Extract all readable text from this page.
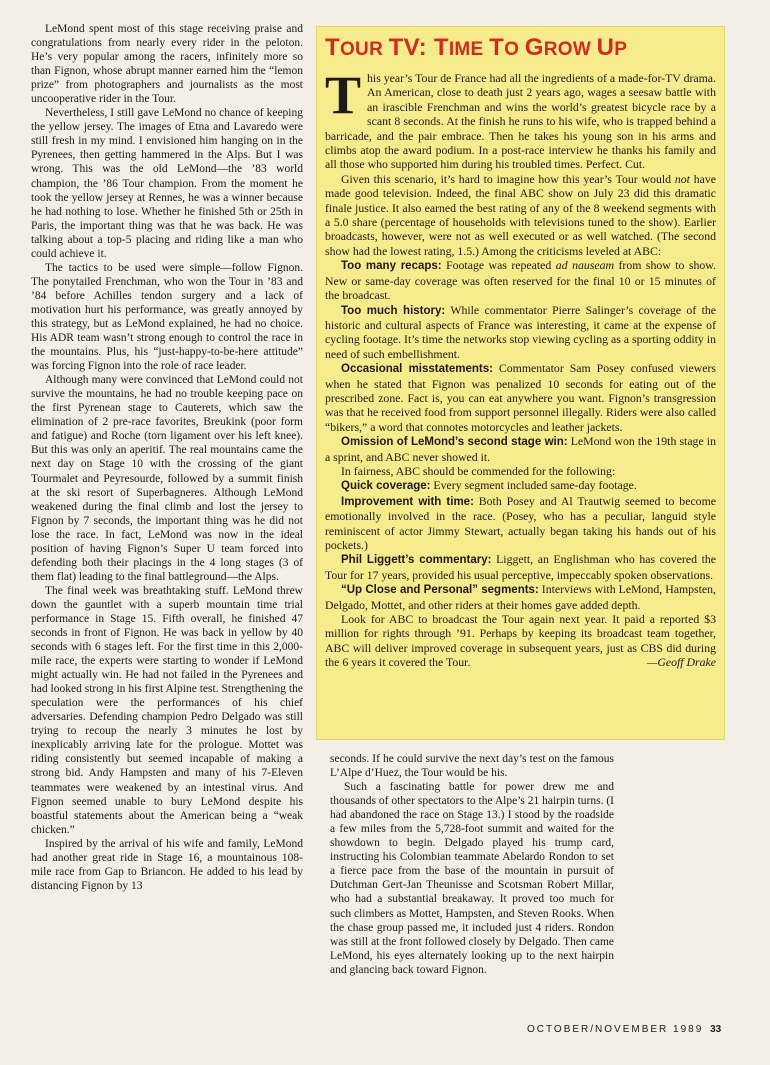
LeMond spent most of this stage receiving praise and congratulations from nearly every rider in the peloton. He’s very popular among the racers, infinitely more so than Fignon, whose abrupt manner earned him the “lemon prize” from photographers and journalists as the most uncooperative rider in the Tour.

Nevertheless, I still gave LeMond no chance of keeping the yellow jersey. The images of Etna and Lavaredo were still fresh in my mind. I envisioned him hanging on in the Pyrenees, then getting hammered in the Alps. But I was wrong. This was the old LeMond—the ’83 world champion, the ’86 Tour champion. From the moment he took the yellow jersey at Rennes, he was a winner because he had nothing to lose. Whether he finished 5th or 25th in Paris, the important thing was that he was back. He was talking about a top-5 placing and riding like a man who could achieve it.

The tactics to be used were simple—follow Fignon. The ponytailed Frenchman, who won the Tour in ’83 and ’84 before Achilles tendon surgery and a lack of motivation hurt his performance, was greatly annoyed by this strategy, but as LeMond explained, he had no choice. His ADR team wasn’t strong enough to control the race in the mountains. Plus, his “just-happy-to-be-here attitude” was forcing Fignon into the role of race leader.

Although many were convinced that LeMond could not survive the mountains, he had no trouble keeping pace on the first Pyrenean stage to Cauterets, which saw the elimination of 2 pre-race favorites, Breukink (poor form and fatigue) and Roche (torn ligament over his left knee). But this was only an aperitif. The real mountains came the next day on Stage 10 with the crossing of the giant Tourmalet and Peyresourde, followed by a summit finish at the ski resort of Superbagneres. Although LeMond weakened during the final climb and lost the jersey to Fignon by 7 seconds, the important thing was he did not lose the race. In fact, LeMond was now in the ideal position of having Fignon’s Super U team forced into defending both their placings in the 4 long stages (3 of them flat) leading to the final battleground—the Alps.

The final week was breathtaking stuff. LeMond threw down the gauntlet with a superb mountain time trial performance in Stage 15. Fifth overall, he finished 47 seconds in front of Fignon. He was back in yellow by 40 seconds with 6 stages left. For the first time in this 2,000-mile race, the experts were starting to wonder if LeMond might actually win. He had not failed in the Pyrenees and had looked strong in his first Alpine test. Strengthening the speculation were the performances of his chief adversaries. Defending champion Pedro Delgado was still trying to recoup the nearly 3 minutes he lost by inexplicably arriving late for the prologue. Mottet was riding consistently but seemed incapable of making a strong bid. Andy Hampsten and many of his 7-Eleven teammates were weakened by an intestinal virus. And Fignon seemed unable to bury LeMond despite his boastful statements about the American being a “weak chicken.”

Inspired by the arrival of his wife and family, LeMond had another great ride in Stage 16, a mountainous 108-mile race from Gap to Briancon. He added to his lead by distancing Fignon by 13

TOUR TV: TIME TO GROW UP

This year’s Tour de France had all the ingredients of a made-for-TV drama. An American, close to death just 2 years ago, wages a seesaw battle with an irascible Frenchman and wins the world’s greatest bicycle race by a scant 8 seconds. At the finish he runs to his wife, who is trapped behind a barricade, and the pair embrace. Then he takes his young son in his arms and climbs atop the award podium. In a post-race interview he thanks his family and all those who supported him during his troubled times. Perfect. Cut.

Given this scenario, it’s hard to imagine how this year’s Tour would not have made good television. Indeed, the final ABC show on July 23 did this dramatic finale justice. It also earned the best rating of any of the 8 weekend segments with a 5.0 share (percentage of households with televisions tuned to the show). Earlier broadcasts, however, were not as well executed or as well watched. (The second show had the lowest rating, 1.5.) Among the criticisms leveled at ABC:

Too many recaps: Footage was repeated ad nauseam from show to show. New or same-day coverage was often reserved for the final 10 or 15 minutes of the broadcast.

Too much history: While commentator Pierre Salinger’s coverage of the historic and cultural aspects of France was interesting, it came at the expense of cycling footage. It’s time the networks stop viewing cycling as a sporting oddity in need of such embellishment.

Occasional misstatements: Commentator Sam Posey confused viewers when he stated that Fignon was penalized 10 seconds for eating out of the prescribed zone. Fact is, you can eat anywhere you want. Fignon’s transgression was that he received food from support personnel illegally. Riders were also called “bikers,” a word that connotes motorcycles and leather jackets.

Omission of LeMond’s second stage win: LeMond won the 19th stage in a sprint, and ABC never showed it.

In fairness, ABC should be commended for the following:

Quick coverage: Every segment included same-day footage.

Improvement with time: Both Posey and Al Trautwig seemed to become emotionally involved in the race. (Posey, who has a peculiar, languid style reminiscent of actor Jimmy Stewart, actually began taking his hands out of his pockets.)

Phil Liggett’s commentary: Liggett, an Englishman who has covered the Tour for 17 years, provided his usual perceptive, impeccably spoken observations.

“Up Close and Personal” segments: Interviews with LeMond, Hampsten, Delgado, Mottet, and other riders at their homes gave added depth.

Look for ABC to broadcast the Tour again next year. It paid a reported $3 million for rights through ’91. Perhaps by keeping its broadcast team together, ABC will deliver improved coverage in subsequent years, just as CBS did during the 6 years it covered the Tour.	—Geoff Drake

seconds. If he could survive the next day’s test on the famous L’Alpe d’Huez, the Tour would be his.

Such a fascinating battle for power drew me and thousands of other spectators to the Alpe’s 21 hairpin turns. (I had abandoned the race on Stage 13.) I stood by the roadside a few miles from the 5,728-foot summit and waited for the showdown to begin. Delgado played his trump card, instructing his Colombian teammate Abelardo Rondon to set a fierce pace from the base of the mountain in pursuit of Dutchman Gert-Jan Theunisse and Scotsman Robert Millar, who had a substantial breakaway. It proved too much for such climbers as Mottet, Hampsten, and Steven Rooks. When the chase group passed me, it included just 4 riders. Rondon was still at the front followed closely by Delgado. Then came LeMond, his eyes alternately looking up to the next hairpin and glancing back toward Fignon.

OCTOBER/NOVEMBER 1989 33
